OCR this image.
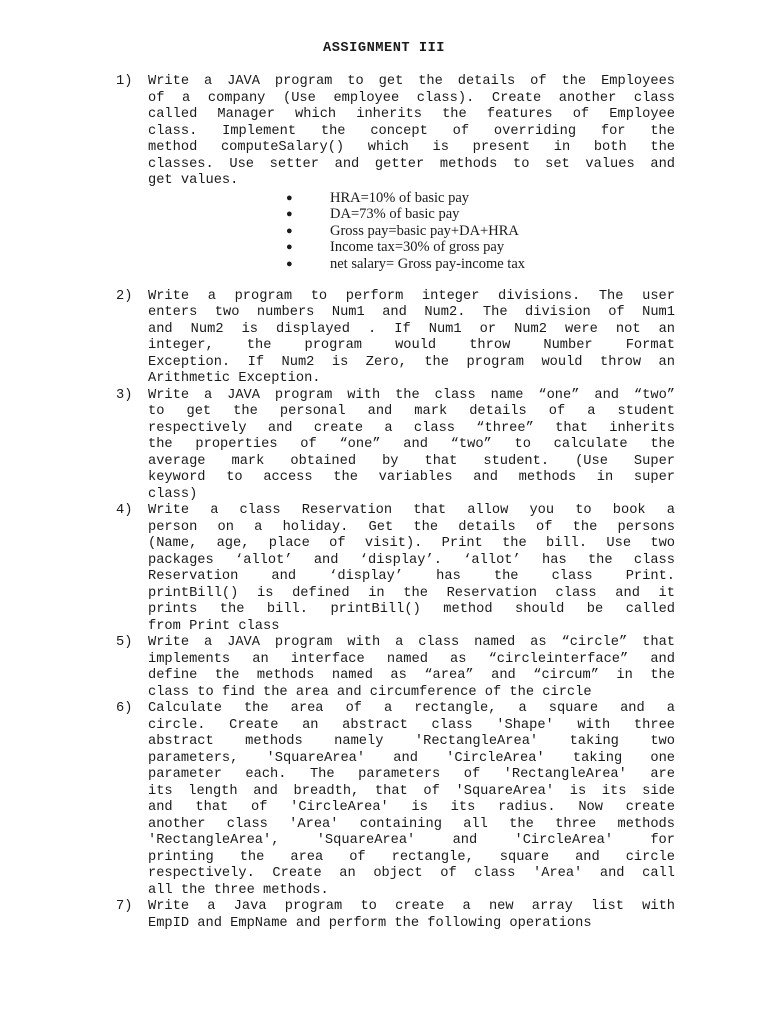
ASSIGNMENT III
1) Write a JAVA program to get the details of the Employees
of a company (Use employee class). Create another class
called Manager which inherits the features of Employee
class. Implement the concept of overriding for the
method computeSalary() which is present in both the
classes. Use setter and getter methods to set values and
get values.
●	HRA=10% of basic pay
●	DA=73% of basic pay
●	Gross pay=basic pay+DA+HRA
●	Income tax=30% of gross pay
●	net salary= Gross pay-income tax
2) Write a program to perform integer divisions. The user
enters two numbers Num1 and Num2. The division of Num1
and Num2 is displayed . If Num1 or Num2 were not an
integer, the program would throw Number Format
Exception. If Num2 is Zero, the program would throw an
Arithmetic Exception.
3) Write a JAVA program with the class name “one” and “two”
to get the personal and mark details of a student
respectively and create a class “three” that inherits
the properties of “one” and “two” to calculate the
average mark obtained by that student. (Use Super
keyword to access the variables and methods in super
class)
4) Write a class Reservation that allow you to book a
person on a holiday. Get the details of the persons
(Name, age, place of visit). Print the bill. Use two
packages ‘allot’ and ‘display’. ‘allot’ has the class
Reservation and ‘display’ has the class Print.
printBill() is defined in the Reservation class and it
prints the bill. printBill() method should be called
from Print class
5) Write a JAVA program with a class named as “circle” that
implements an interface named as “circleinterface” and
define the methods named as “area” and “circum” in the
class to find the area and circumference of the circle
6) Calculate the area of a rectangle, a square and a
circle. Create an abstract class 'Shape' with three
abstract methods namely 'RectangleArea' taking two
parameters, 'SquareArea' and 'CircleArea' taking one
parameter each. The parameters of 'RectangleArea' are
its length and breadth, that of 'SquareArea' is its side
and that of 'CircleArea' is its radius. Now create
another class 'Area' containing all the three methods
'RectangleArea', 'SquareArea' and 'CircleArea' for
printing the area of rectangle, square and circle
respectively. Create an object of class 'Area' and call
all the three methods.
7) Write a Java program to create a new array list with
EmpID and EmpName and perform the following operations
